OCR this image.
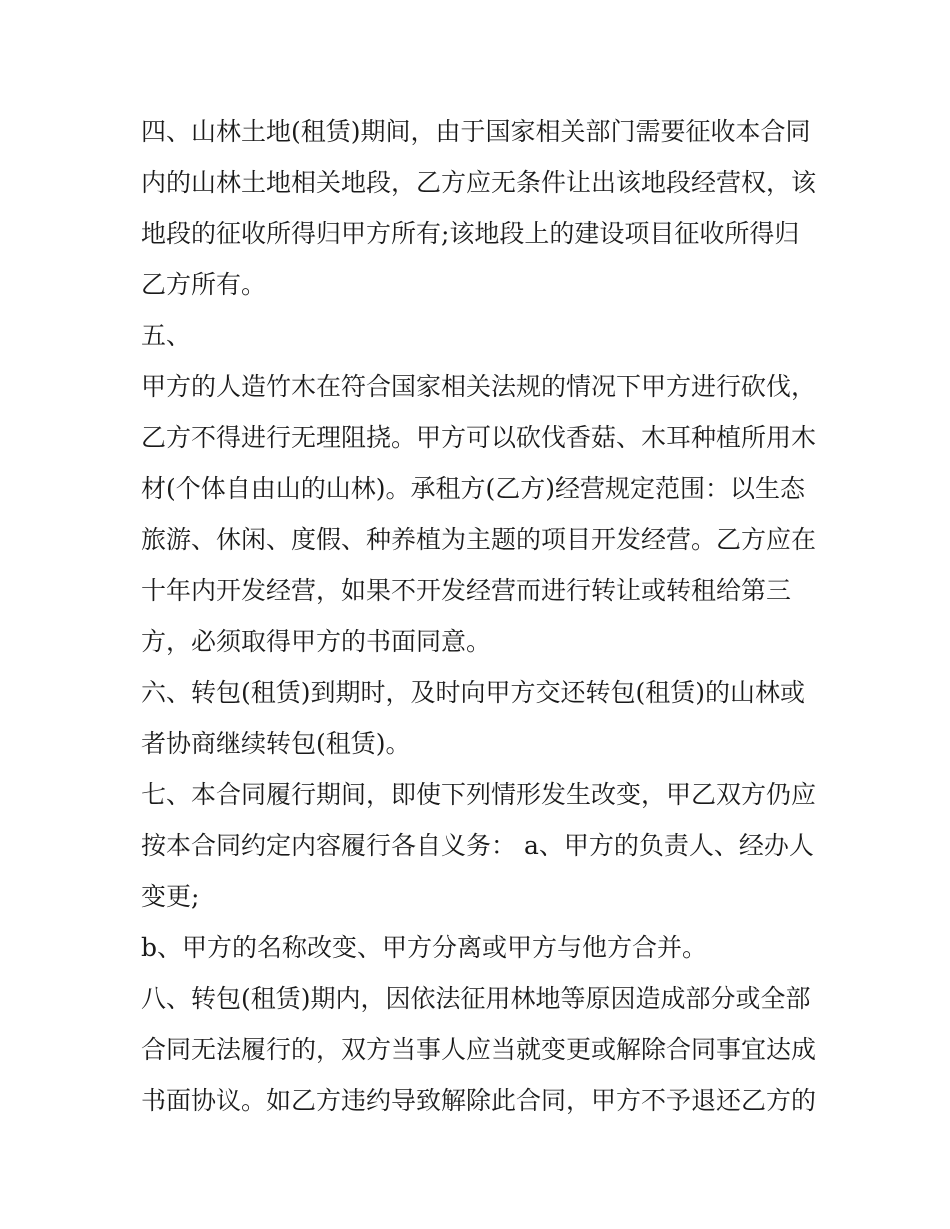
四、山林土地(租赁)期间，由于国家相关部门需要征收本合同
内的山林土地相关地段，乙方应无条件让出该地段经营权，该
地段的征收所得归甲方所有;该地段上的建设项目征收所得归
乙方所有。
五、
甲方的人造竹木在符合国家相关法规的情况下甲方进行砍伐，
乙方不得进行无理阻挠。甲方可以砍伐香菇、木耳种植所用木
材(个体自由山的山林)。承租方(乙方)经营规定范围：以生态
旅游、休闲、度假、种养植为主题的项目开发经营。乙方应在
十年内开发经营，如果不开发经营而进行转让或转租给第三
方，必须取得甲方的书面同意。
六、转包(租赁)到期时，及时向甲方交还转包(租赁)的山林或
者协商继续转包(租赁)。
七、本合同履行期间，即使下列情形发生改变，甲乙双方仍应
按本合同约定内容履行各自义务： a、甲方的负责人、经办人
变更;
b、甲方的名称改变、甲方分离或甲方与他方合并。
八、转包(租赁)期内，因依法征用林地等原因造成部分或全部
合同无法履行的，双方当事人应当就变更或解除合同事宜达成
书面协议。如乙方违约导致解除此合同，甲方不予退还乙方的
